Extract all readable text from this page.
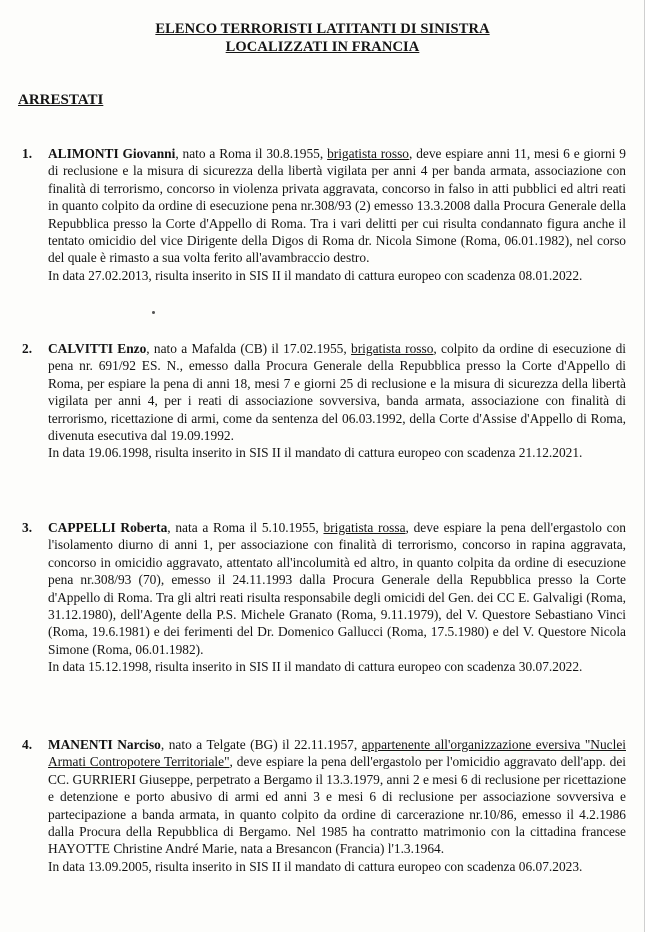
ELENCO TERRORISTI LATITANTI DI SINISTRA
LOCALIZZATI IN FRANCIA
ARRESTATI
1.	ALIMONTI Giovanni, nato a Roma il 30.8.1955, brigatista rosso, deve espiare anni 11, mesi 6 e giorni 9 di reclusione e la misura di sicurezza della libertà vigilata per anni 4 per banda armata, associazione con finalità di terrorismo, concorso in violenza privata aggravata, concorso in falso in atti pubblici ed altri reati in quanto colpito da ordine di esecuzione pena nr.308/93 (2) emesso 13.3.2008 dalla Procura Generale della Repubblica presso la Corte d'Appello di Roma. Tra i vari delitti per cui risulta condannato figura anche il tentato omicidio del vice Dirigente della Digos di Roma dr. Nicola Simone (Roma, 06.01.1982), nel corso del quale è rimasto a sua volta ferito all'avambraccio destro.
In data 27.02.2013, risulta inserito in SIS II il mandato di cattura europeo con scadenza 08.01.2022.
2.	CALVITTI Enzo, nato a Mafalda (CB) il 17.02.1955, brigatista rosso, colpito da ordine di esecuzione di pena nr. 691/92 ES. N., emesso dalla Procura Generale della Repubblica presso la Corte d'Appello di Roma, per espiare la pena di anni 18, mesi 7 e giorni 25 di reclusione e la misura di sicurezza della libertà vigilata per anni 4, per i reati di associazione sovversiva, banda armata, associazione con finalità di terrorismo, ricettazione di armi, come da sentenza del 06.03.1992, della Corte d'Assise d'Appello di Roma, divenuta esecutiva dal 19.09.1992.
In data 19.06.1998, risulta inserito in SIS II il mandato di cattura europeo con scadenza 21.12.2021.
3.	CAPPELLI Roberta, nata a Roma il 5.10.1955, brigatista rossa, deve espiare la pena dell'ergastolo con l'isolamento diurno di anni 1, per associazione con finalità di terrorismo, concorso in rapina aggravata, concorso in omicidio aggravato, attentato all'incolumità ed altro, in quanto colpita da ordine di esecuzione pena nr.308/93 (70), emesso il 24.11.1993 dalla Procura Generale della Repubblica presso la Corte d'Appello di Roma. Tra gli altri reati risulta responsabile degli omicidi del Gen. dei CC E. Galvaligi (Roma, 31.12.1980), dell'Agente della P.S. Michele Granato (Roma, 9.11.1979), del V. Questore Sebastiano Vinci (Roma, 19.6.1981) e dei ferimenti del Dr. Domenico Gallucci (Roma, 17.5.1980) e del V. Questore Nicola Simone (Roma, 06.01.1982).
In data 15.12.1998, risulta inserito in SIS II il mandato di cattura europeo con scadenza 30.07.2022.
4.	MANENTI Narciso, nato a Telgate (BG) il 22.11.1957, appartenente all'organizzazione eversiva "Nuclei Armati Contropotere Territoriale", deve espiare la pena dell'ergastolo per l'omicidio aggravato dell'app. dei CC. GURRIERI Giuseppe, perpetrato a Bergamo il 13.3.1979, anni 2 e mesi 6 di reclusione per ricettazione e detenzione e porto abusivo di armi ed anni 3 e mesi 6 di reclusione per associazione sovversiva e partecipazione a banda armata, in quanto colpito da ordine di carcerazione nr.10/86, emesso il 4.2.1986 dalla Procura della Repubblica di Bergamo. Nel 1985 ha contratto matrimonio con la cittadina francese HAYOTTE Christine André Marie, nata a Bresancon (Francia) l'1.3.1964.
In data 13.09.2005, risulta inserito in SIS II il mandato di cattura europeo con scadenza 06.07.2023.
